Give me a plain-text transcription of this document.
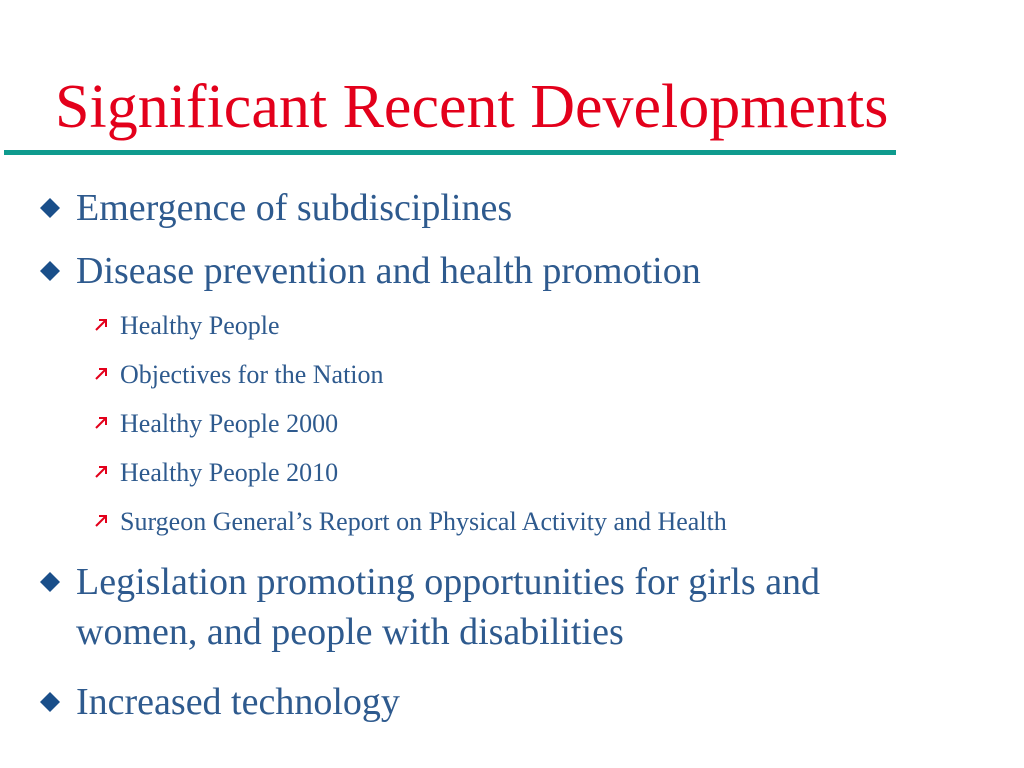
Significant Recent Developments
Emergence of subdisciplines
Disease prevention and health promotion
Healthy People
Objectives for the Nation
Healthy People 2000
Healthy People 2010
Surgeon General’s Report on Physical Activity and Health
Legislation promoting opportunities for girls and
women, and people with disabilities
Increased technology
